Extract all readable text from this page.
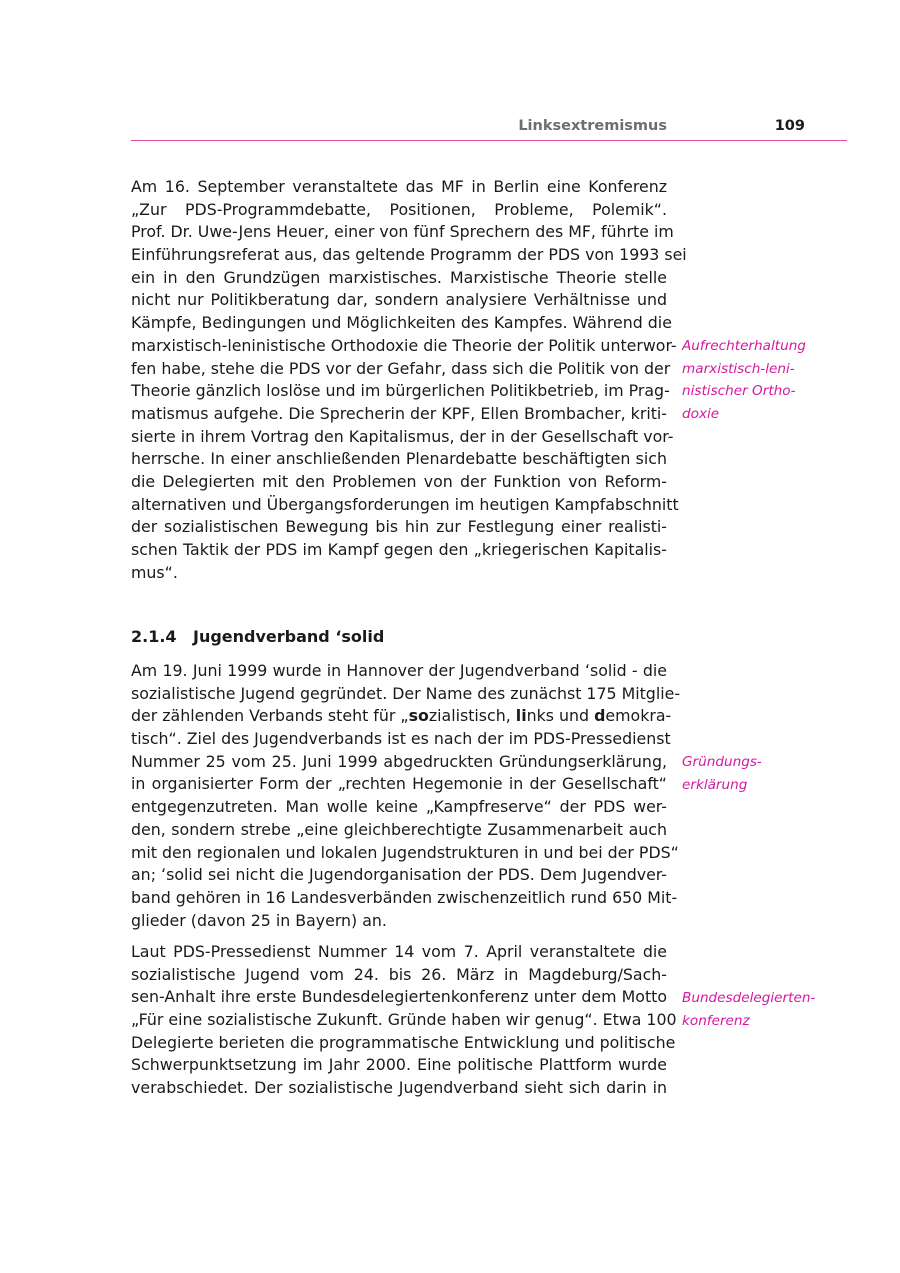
Linksextremismus	109

Am 16. September veranstaltete das MF in Berlin eine Konferenz
„Zur PDS-Programmdebatte, Positionen, Probleme, Polemik“.
Prof. Dr. Uwe-Jens Heuer, einer von fünf Sprechern des MF, führte im
Einführungsreferat aus, das geltende Programm der PDS von 1993 sei
ein in den Grundzügen marxistisches. Marxistische Theorie stelle
nicht nur Politikberatung dar, sondern analysiere Verhältnisse und
Kämpfe, Bedingungen und Möglichkeiten des Kampfes. Während die
marxistisch-leninistische Orthodoxie die Theorie der Politik unterwor-
fen habe, stehe die PDS vor der Gefahr, dass sich die Politik von der
Theorie gänzlich loslöse und im bürgerlichen Politikbetrieb, im Prag-
matismus aufgehe. Die Sprecherin der KPF, Ellen Brombacher, kriti-
sierte in ihrem Vortrag den Kapitalismus, der in der Gesellschaft vor-
herrsche. In einer anschließenden Plenardebatte beschäftigten sich
die Delegierten mit den Problemen von der Funktion von Reform-
alternativen und Übergangsforderungen im heutigen Kampfabschnitt
der sozialistischen Bewegung bis hin zur Festlegung einer realisti-
schen Taktik der PDS im Kampf gegen den „kriegerischen Kapitalis-
mus“.

2.1.4 Jugendverband ʻsolid

Am 19. Juni 1999 wurde in Hannover der Jugendverband ʻsolid - die
sozialistische Jugend gegründet. Der Name des zunächst 175 Mitglie-
der zählenden Verbands steht für „sozialistisch, links und demokra-
tisch“. Ziel des Jugendverbands ist es nach der im PDS-Pressedienst
Nummer 25 vom 25. Juni 1999 abgedruckten Gründungserklärung,
in organisierter Form der „rechten Hegemonie in der Gesellschaft“
entgegenzutreten. Man wolle keine „Kampfreserve“ der PDS wer-
den, sondern strebe „eine gleichberechtigte Zusammenarbeit auch
mit den regionalen und lokalen Jugendstrukturen in und bei der PDS“
an; ʻsolid sei nicht die Jugendorganisation der PDS. Dem Jugendver-
band gehören in 16 Landesverbänden zwischenzeitlich rund 650 Mit-
glieder (davon 25 in Bayern) an.

Laut PDS-Pressedienst Nummer 14 vom 7. April veranstaltete die
sozialistische Jugend vom 24. bis 26. März in Magdeburg/Sach-
sen-Anhalt ihre erste Bundesdelegiertenkonferenz unter dem Motto
„Für eine sozialistische Zukunft. Gründe haben wir genug“. Etwa 100
Delegierte berieten die programmatische Entwicklung und politische
Schwerpunktsetzung im Jahr 2000. Eine politische Plattform wurde
verabschiedet. Der sozialistische Jugendverband sieht sich darin in

Aufrechterhaltung
marxistisch-leni-
nistischer Ortho-
doxie
Gründungs-
erklärung
Bundesdelegierten-
konferenz
